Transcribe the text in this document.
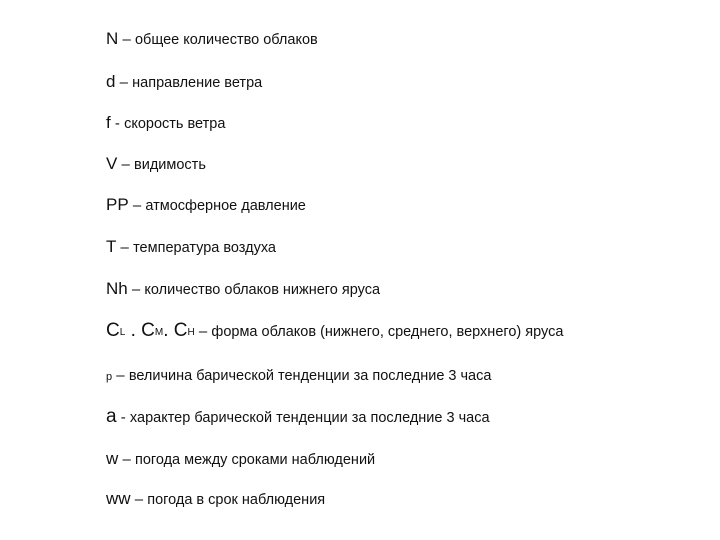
N – общее количество облаков
d – направление ветра
f - скорость ветра
V – видимость
PP – атмосферное давление
T – температура воздуха
Nh – количество облаков нижнего яруса
CL . CM. CH – форма облаков (нижнего, среднего, верхнего) яруса
p – величина барической тенденции за последние 3 часа
a - характер барической тенденции за последние 3 часа
w – погода между сроками наблюдений
ww – погода в срок наблюдения
